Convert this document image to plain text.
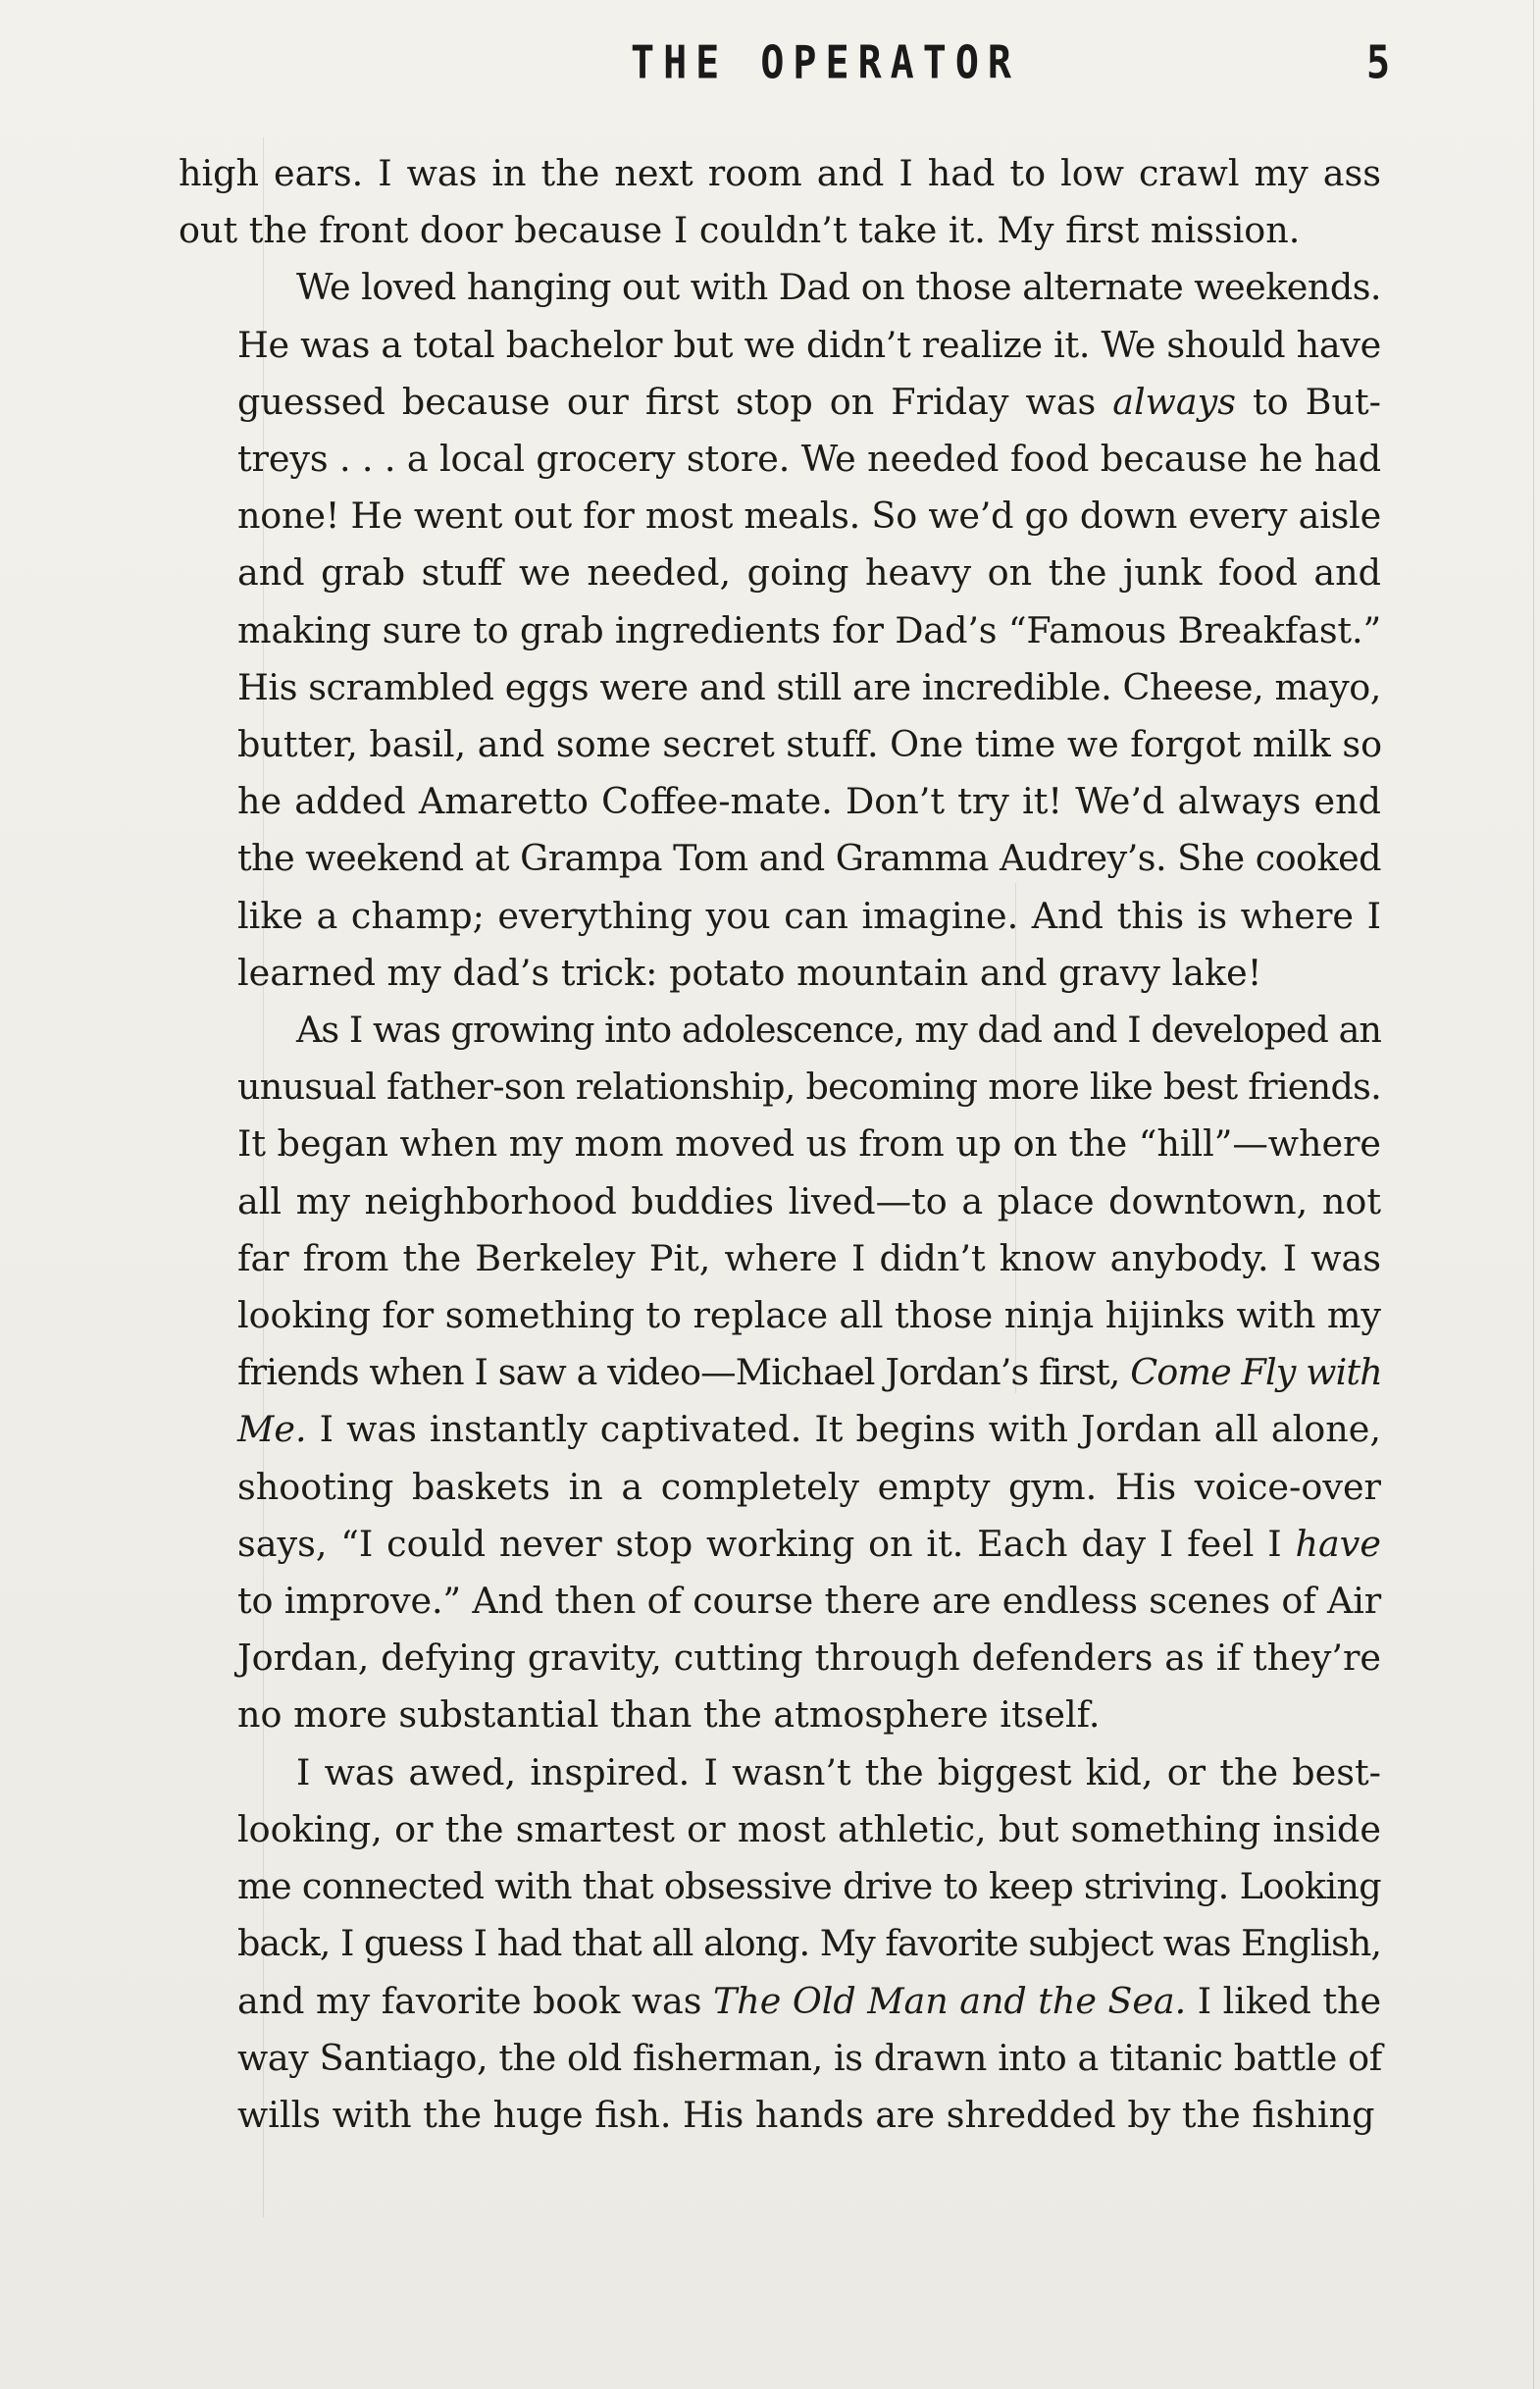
THE OPERATOR	5
high ears. I was in the next room and I had to low crawl my ass
out the front door because I couldn’t take it. My first mission.
We loved hanging out with Dad on those alternate weekends.
He was a total bachelor but we didn’t realize it. We should have
guessed because our first stop on Friday was always to But-
treys . . . a local grocery store. We needed food because he had
none! He went out for most meals. So we’d go down every aisle
and grab stuff we needed, going heavy on the junk food and
making sure to grab ingredients for Dad’s “Famous Breakfast.”
His scrambled eggs were and still are incredible. Cheese, mayo,
butter, basil, and some secret stuff. One time we forgot milk so
he added Amaretto Coffee-mate. Don’t try it! We’d always end
the weekend at Grampa Tom and Gramma Audrey’s. She cooked
like a champ; everything you can imagine. And this is where I
learned my dad’s trick: potato mountain and gravy lake!
As I was growing into adolescence, my dad and I developed an
unusual father-son relationship, becoming more like best friends.
It began when my mom moved us from up on the “hill”—where
all my neighborhood buddies lived—to a place downtown, not
far from the Berkeley Pit, where I didn’t know anybody. I was
looking for something to replace all those ninja hijinks with my
friends when I saw a video—Michael Jordan’s first, Come Fly with
Me. I was instantly captivated. It begins with Jordan all alone,
shooting baskets in a completely empty gym. His voice-over
says, “I could never stop working on it. Each day I feel I have
to improve.” And then of course there are endless scenes of Air
Jordan, defying gravity, cutting through defenders as if they’re
no more substantial than the atmosphere itself.
I was awed, inspired. I wasn’t the biggest kid, or the best-
looking, or the smartest or most athletic, but something inside
me connected with that obsessive drive to keep striving. Looking
back, I guess I had that all along. My favorite subject was English,
and my favorite book was The Old Man and the Sea. I liked the
way Santiago, the old fisherman, is drawn into a titanic battle of
wills with the huge fish. His hands are shredded by the fishing
